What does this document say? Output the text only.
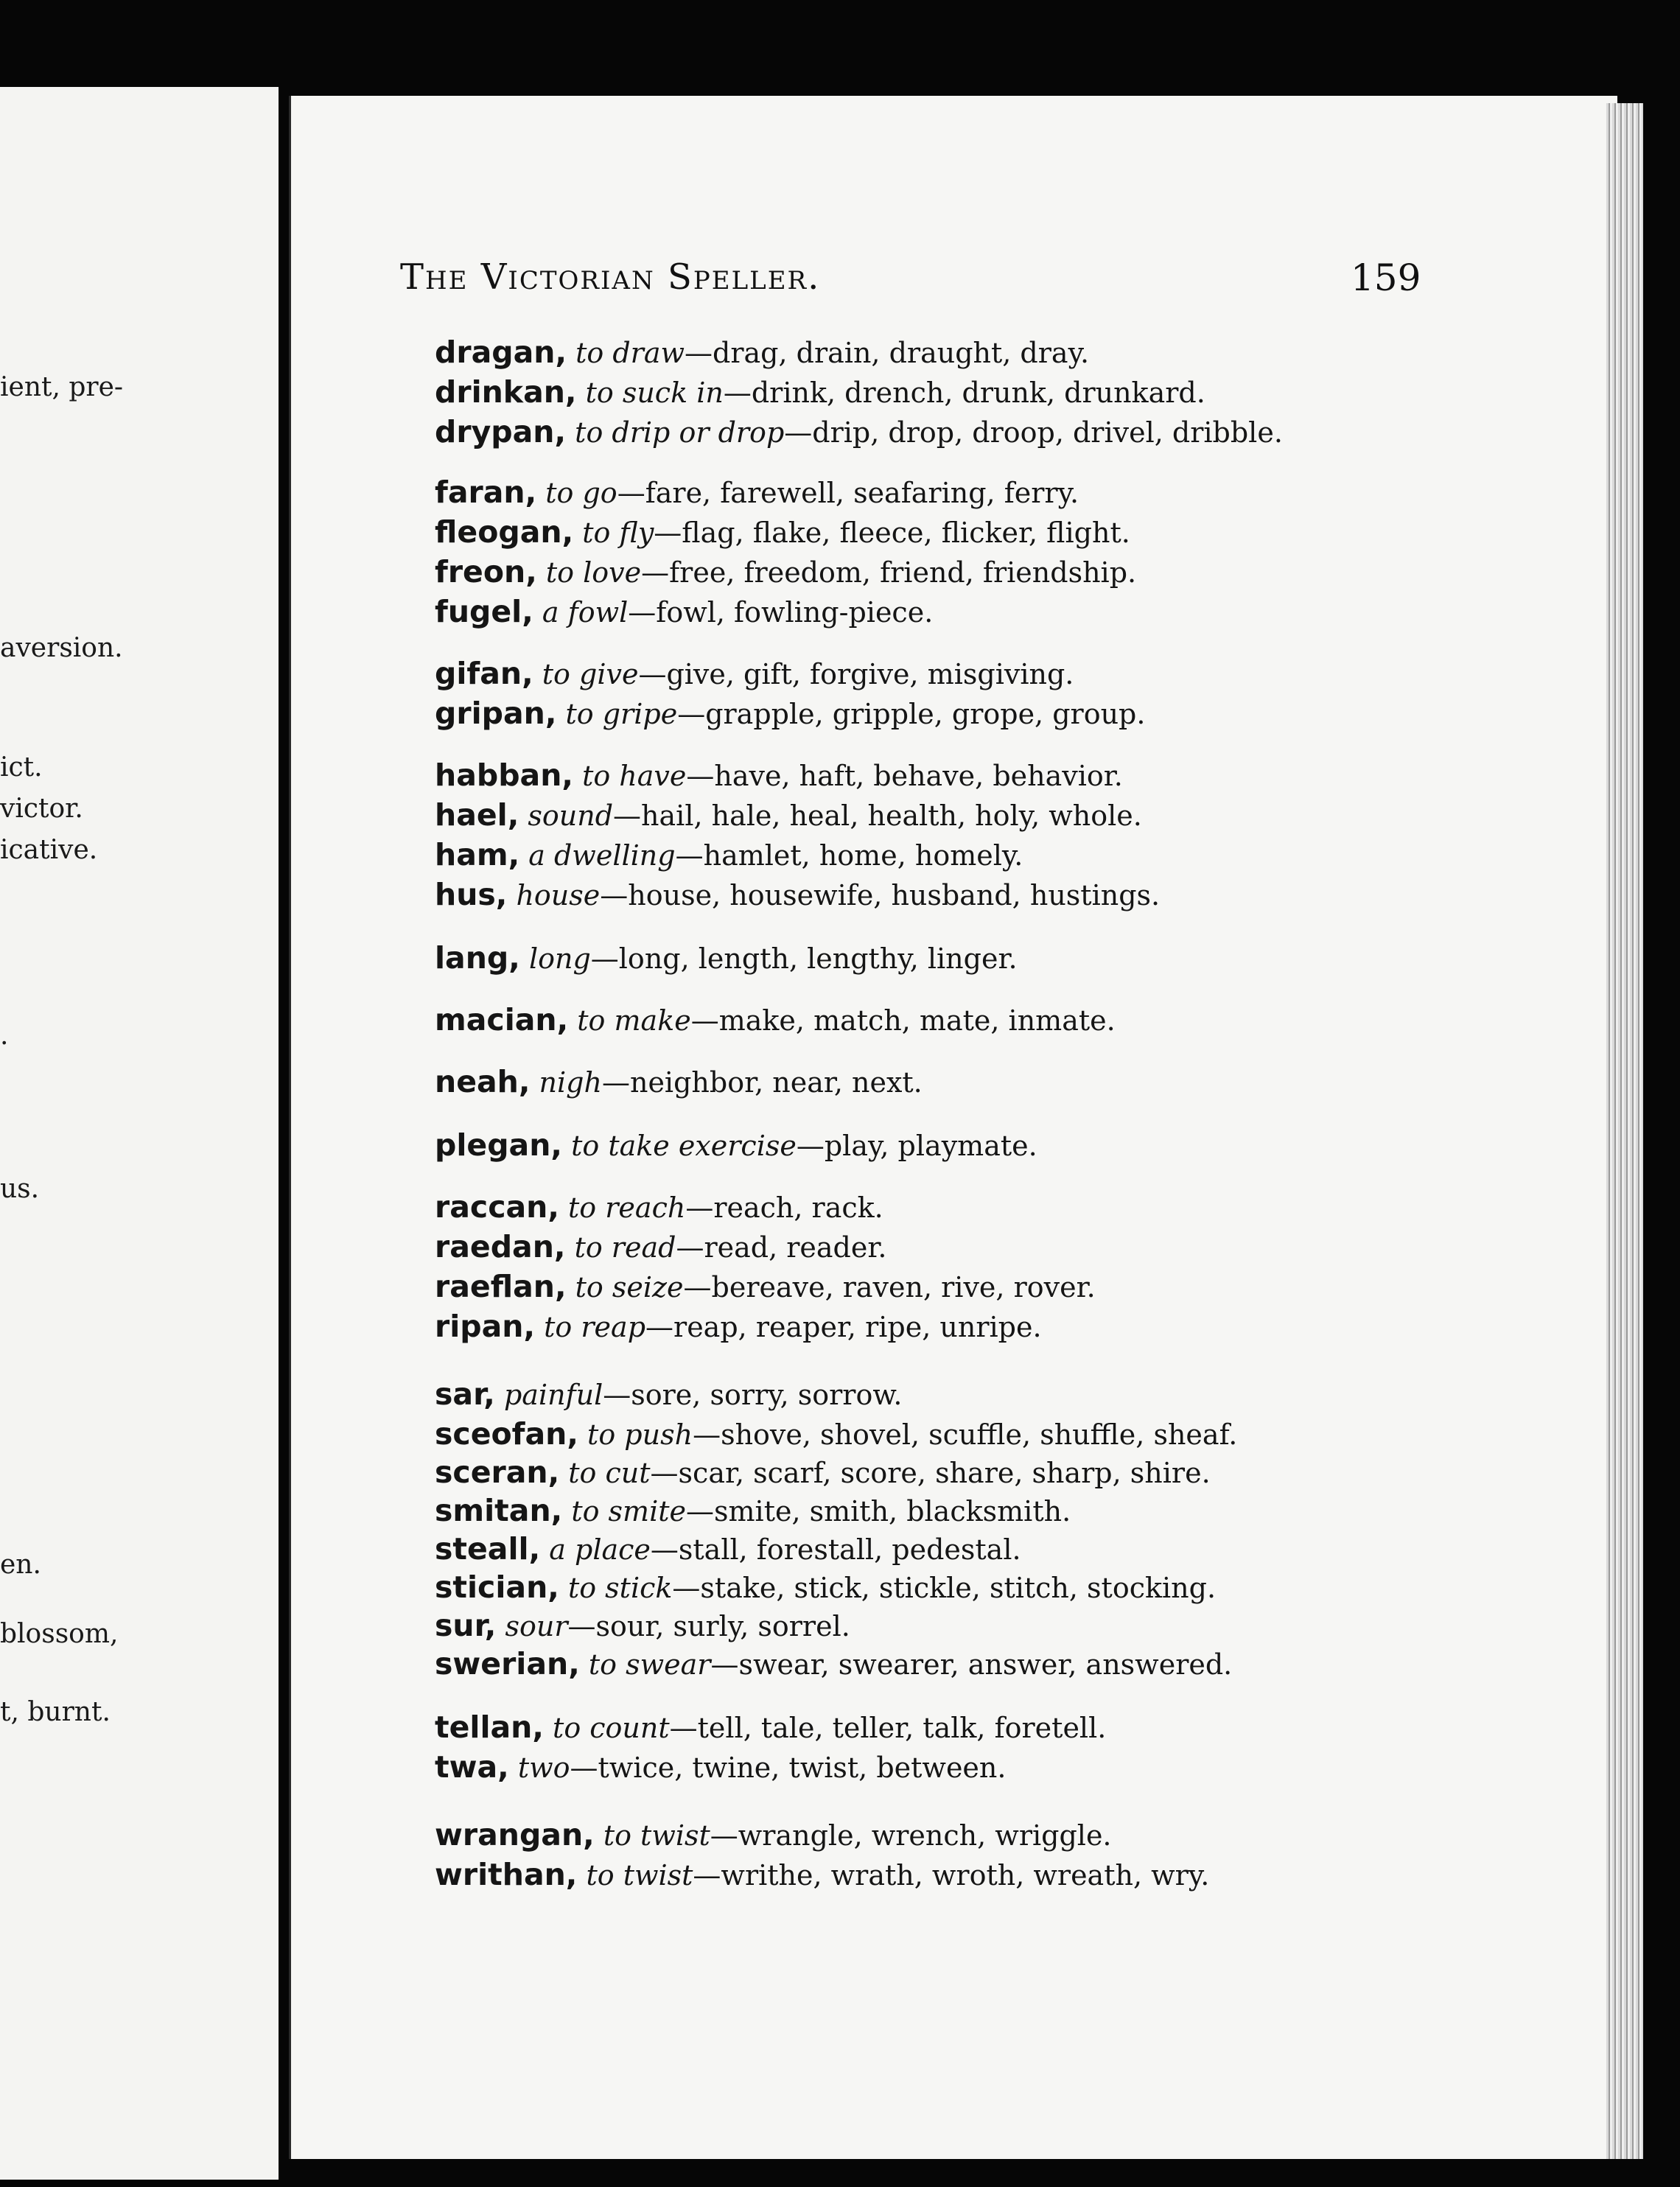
ient, pre-
aversion.
ict.
victor.
icative.
.
us.
en.
blossom,
t, burnt.
The Victorian Speller.	159
dragan, to draw—drag, drain, draught, dray.
drinkan, to suck in—drink, drench, drunk, drunkard.
drypan, to drip or drop—drip, drop, droop, drivel, dribble.
faran, to go—fare, farewell, seafaring, ferry.
fleogan, to fly—flag, flake, fleece, flicker, flight.
freon, to love—free, freedom, friend, friendship.
fugel, a fowl—fowl, fowling-piece.
gifan, to give—give, gift, forgive, misgiving.
gripan, to gripe—grapple, gripple, grope, group.
habban, to have—have, haft, behave, behavior.
hael, sound—hail, hale, heal, health, holy, whole.
ham, a dwelling—hamlet, home, homely.
hus, house—house, housewife, husband, hustings.
lang, long—long, length, lengthy, linger.
macian, to make—make, match, mate, inmate.
neah, nigh—neighbor, near, next.
plegan, to take exercise—play, playmate.
raccan, to reach—reach, rack.
raedan, to read—read, reader.
raeflan, to seize—bereave, raven, rive, rover.
ripan, to reap—reap, reaper, ripe, unripe.
sar, painful—sore, sorry, sorrow.
sceofan, to push—shove, shovel, scuffle, shuffle, sheaf.
sceran, to cut—scar, scarf, score, share, sharp, shire.
smitan, to smite—smite, smith, blacksmith.
steall, a place—stall, forestall, pedestal.
stician, to stick—stake, stick, stickle, stitch, stocking.
sur, sour—sour, surly, sorrel.
swerian, to swear—swear, swearer, answer, answered.
tellan, to count—tell, tale, teller, talk, foretell.
twa, two—twice, twine, twist, between.
wrangan, to twist—wrangle, wrench, wriggle.
writhan, to twist—writhe, wrath, wroth, wreath, wry.
